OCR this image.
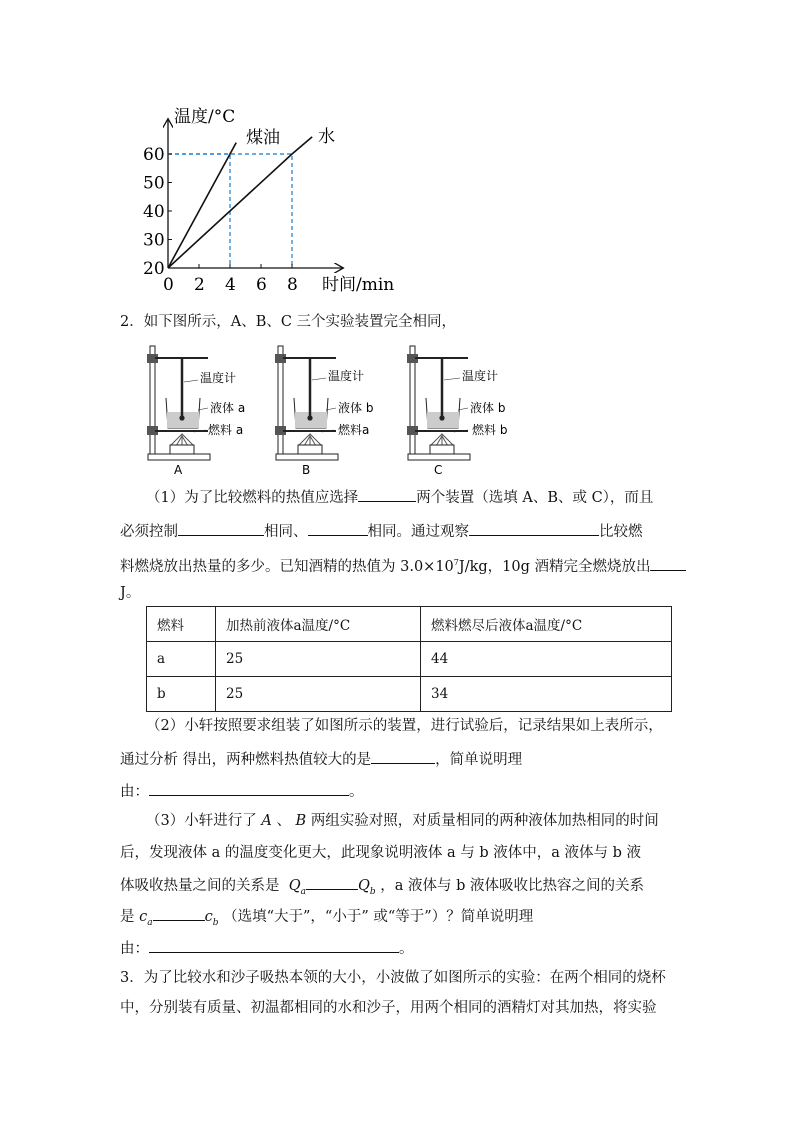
0 2 4 6 8
20
30
40
50
60
温度/°C
时间/min
煤油 水
2．如下图所示，A、B、C 三个实验装置完全相同，
温度计
液体 a
燃料 a
A
温度计
液体 b
燃料a
B
温度计
液体 b
燃料 b
C
（1）为了比较燃料的热值应选择	两个装置（选填 A、B、或 C），而且
必须控制	相同、	相同。通过观察	比较燃
料燃烧放出热量的多少。已知酒精的热值为 $3.0\times 10^7J/kg$，10g 酒精完全燃烧放出
J。
燃料	加热前液体a温度/°C	燃料燃尽后液体a温度/°C
a	25	44
b	25	34
（2）小轩按照要求组装了如图所示的装置，进行试验后，记录结果如上表所示，
通过分析 得出，两种燃料热值较大的是	，简单说明理
由：	。
（3）小轩进行了 A 、 B 两组实验对照，对质量相同的两种液体加热相同的时间
后，发现液体 a 的温度变化更大，此现象说明液体 a 与 b 液体中，a 液体与 b 液
体吸收热量之间的关系是 $Q_a$	$Q_b$ ，a 液体与 b 液体吸收比热容之间的关系
是 $c_a$	$c_b$ （选填“大于”，“小于” 或“等于”）？简单说明理
由：	。
3．为了比较水和沙子吸热本领的大小，小波做了如图所示的实验：在两个相同的烧杯
中，分别装有质量、初温都相同的水和沙子，用两个相同的酒精灯对其加热，将实验
